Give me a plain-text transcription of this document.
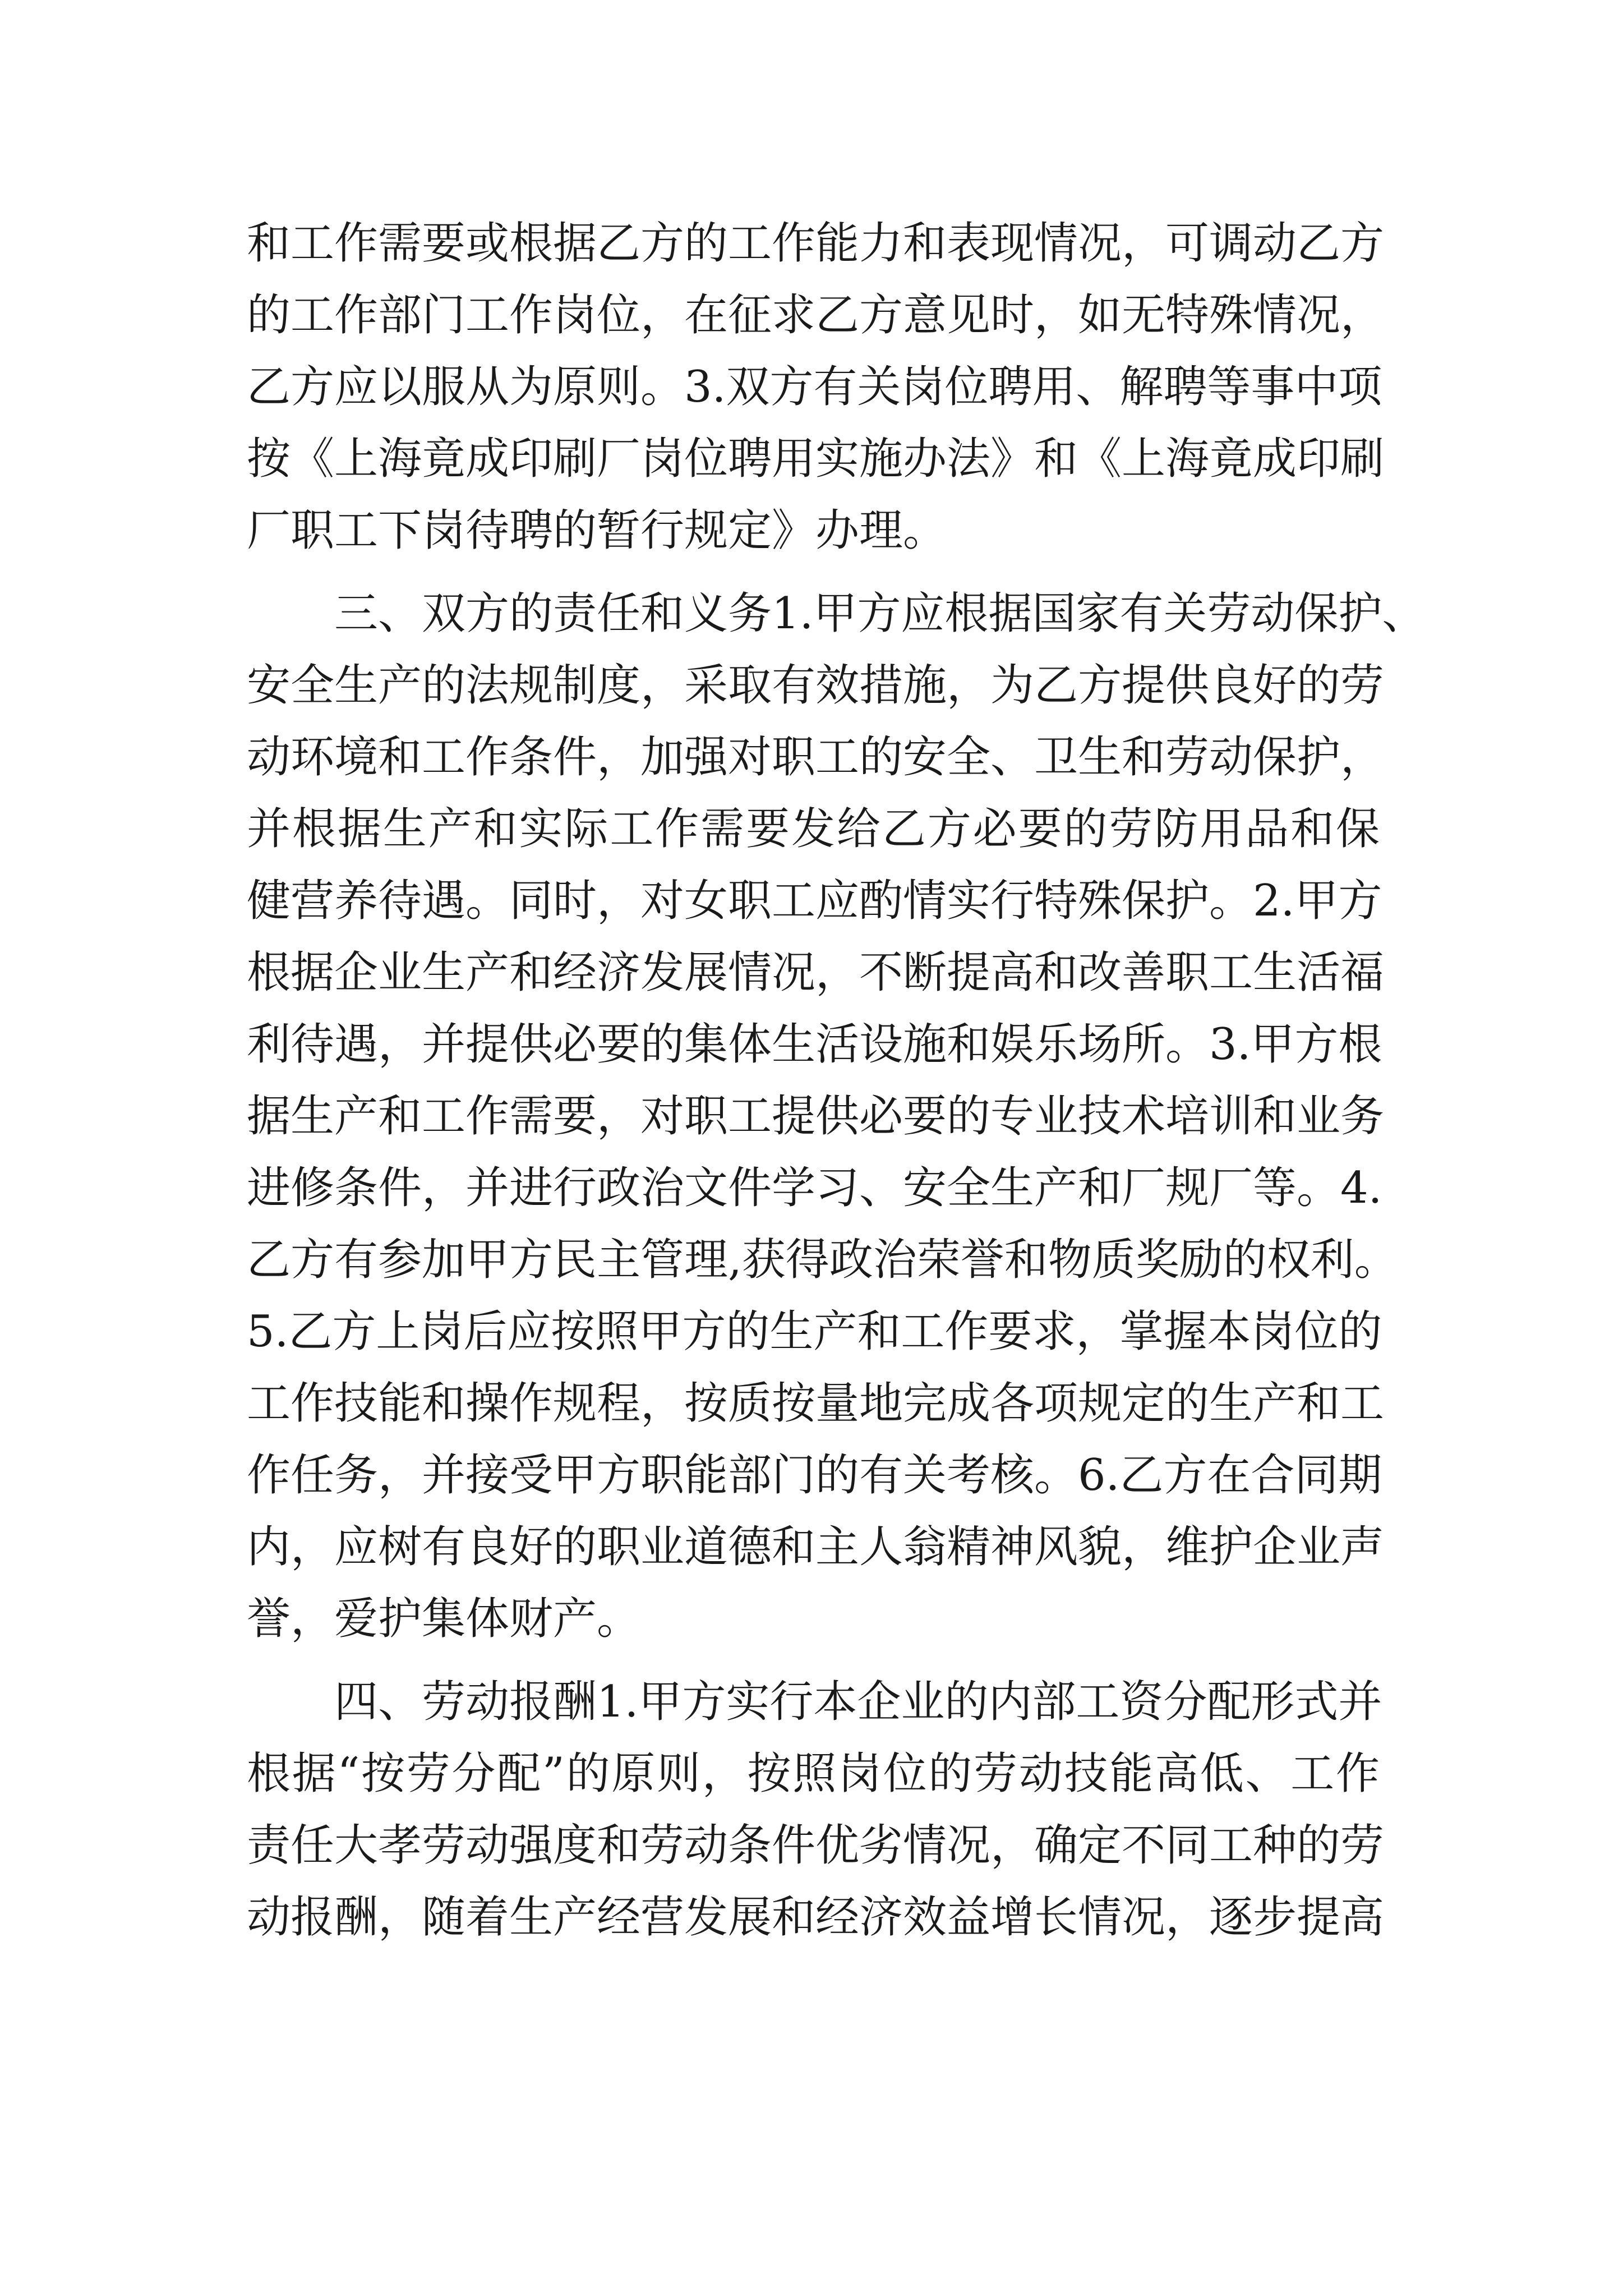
和工作需要或根据乙方的工作能力和表现情况，可调动乙方
的工作部门工作岗位，在征求乙方意见时，如无特殊情况，
乙方应以服从为原则。3.双方有关岗位聘用、解聘等事中项
按《上海竟成印刷厂岗位聘用实施办法》和《上海竟成印刷
厂职工下岗待聘的暂行规定》办理。
三、双方的责任和义务1.甲方应根据国家有关劳动保护、
安全生产的法规制度，采取有效措施，为乙方提供良好的劳
动环境和工作条件，加强对职工的安全、卫生和劳动保护，
并根据生产和实际工作需要发给乙方必要的劳防用品和保
健营养待遇。同时，对女职工应酌情实行特殊保护。2.甲方
根据企业生产和经济发展情况，不断提高和改善职工生活福
利待遇，并提供必要的集体生活设施和娱乐场所。3.甲方根
据生产和工作需要，对职工提供必要的专业技术培训和业务
进修条件，并进行政治文件学习、安全生产和厂规厂等。4.
乙方有参加甲方民主管理,获得政治荣誉和物质奖励的权利。
5.乙方上岗后应按照甲方的生产和工作要求，掌握本岗位的
工作技能和操作规程，按质按量地完成各项规定的生产和工
作任务，并接受甲方职能部门的有关考核。6.乙方在合同期
内，应树有良好的职业道德和主人翁精神风貌，维护企业声
誉，爱护集体财产。
四、劳动报酬1.甲方实行本企业的内部工资分配形式并
根据“按劳分配”的原则，按照岗位的劳动技能高低、工作
责任大孝劳动强度和劳动条件优劣情况，确定不同工种的劳
动报酬，随着生产经营发展和经济效益增长情况，逐步提高
